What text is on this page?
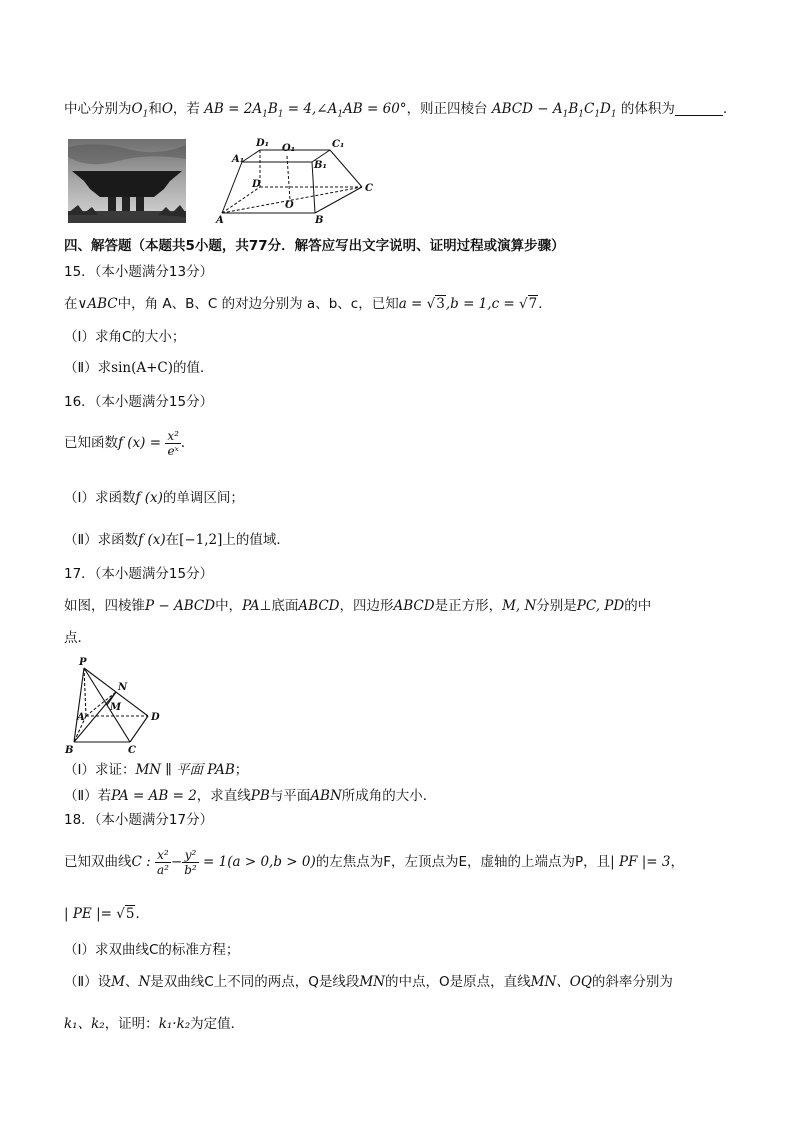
中心分别为$O_1$和O，若 AB = $2A_1B_1$ = $4,\angle A_1AB = 60^\circ$，则正四棱台 ABCD − $A_1B_1C_1D_1$ 的体积为	.
D₁ O₁	C₁
A₁
B₁
D	C
O
A	B
四、解答题（本题共5小题，共77分．解答应写出文字说明、证明过程或演算步骤）
15．（本小题满分13分）
在∨ABC中，角 A、B、C 的对边分别为 a、b、c，已知a = √3,b = 1,c = √7．
（I）求角C的大小；
（Ⅱ）求sin(A+C)的值．
16．（本小题满分15分）
已知函数f $(x) = \frac{\text{x²}}{\text{eˣ}}$ ．
（I）求函数f (x)的单调区间；
（Ⅱ）求函数f (x)在[−1,2]上的值域．
17．（本小题满分15分）
如图，四棱锥P − ABCD中，PA⊥底面ABCD，四边形ABCD是正方形，M, N分别是PC, PD的中
点．
P
N
M
A	D
B	C
（I）求证：MN ∥ 平面 PAB；
（Ⅱ）若PA = AB = 2，求直线PB与平面ABN所成角的大小．
18．（本小题满分17分）
已知双曲线C : $\frac{\text{x²}}{\text{a²}} - \frac{\text{y²}}{\text{b²}} = 1(a > 0,b > 0)$的左焦点为F，左顶点为E，虚轴的上端点为P，且| PF |= 3，
| PE |= √5．
（I）求双曲线C的标准方程；
（Ⅱ）设M、N是双曲线C上不同的两点，Q是线段MN的中点，O是原点，直线MN、OQ的斜率分别为
k₁、k₂，证明：k₁·k₂为定值．
